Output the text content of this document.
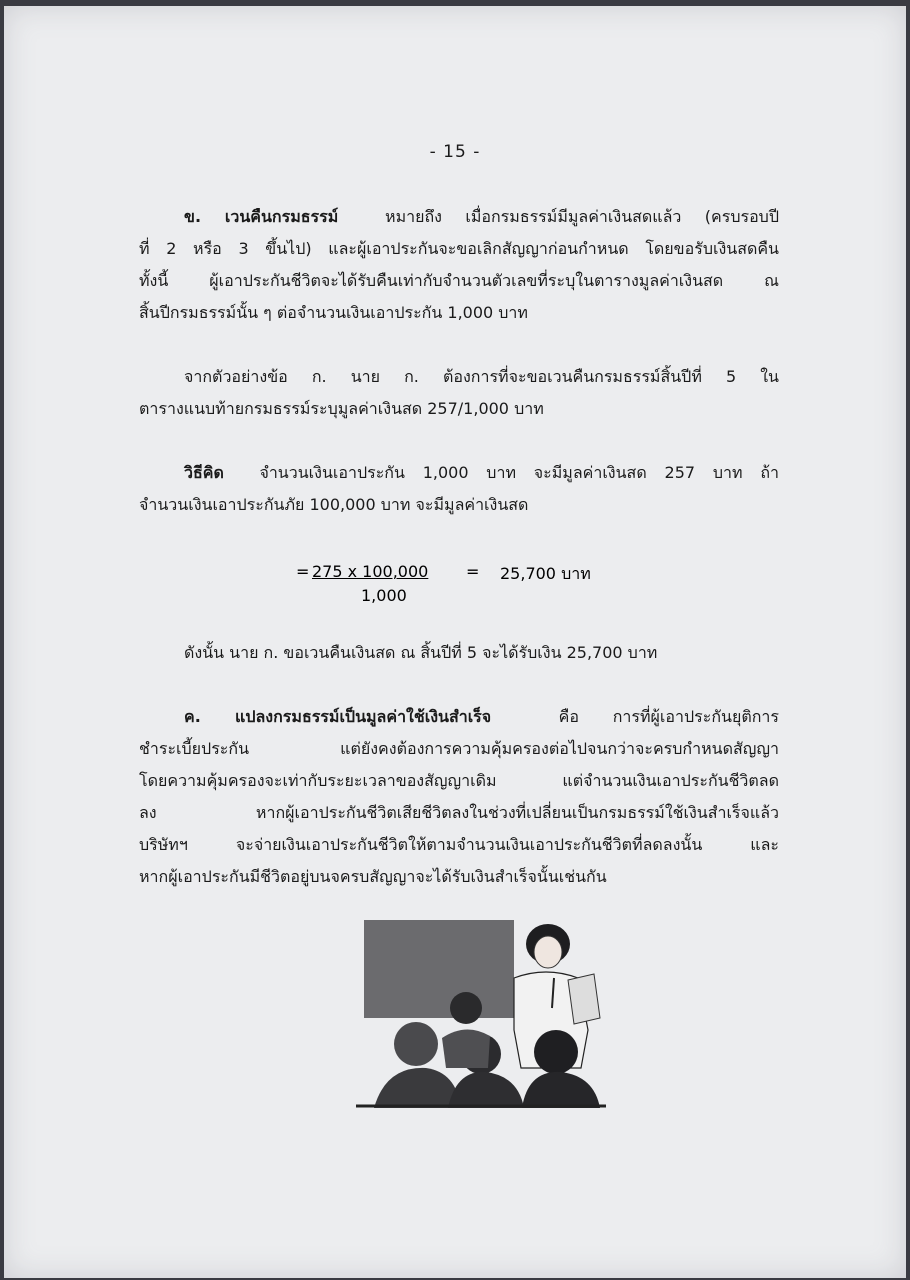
- 15 -
ข. เวนคืนกรมธรรม์	หมายถึง เมื่อกรมธรรม์มีมูลค่าเงินสดแล้ว (ครบรอบปี
ที่ 2 หรือ 3 ขึ้นไป) และผู้เอาประกันจะขอเลิกสัญญาก่อนกำหนด โดยขอรับเงินสดคืน
ทั้งนี้ ผู้เอาประกันชีวิตจะได้รับคืนเท่ากับจำนวนตัวเลขที่ระบุในตารางมูลค่าเงินสด ณ
สิ้นปีกรมธรรม์นั้น ๆ ต่อจำนวนเงินเอาประกัน 1,000 บาท
จากตัวอย่างข้อ ก. นาย ก. ต้องการที่จะขอเวนคืนกรมธรรม์สิ้นปีที่ 5 ใน
ตารางแนบท้ายกรมธรรม์ระบุมูลค่าเงินสด 257/1,000 บาท
วิธีคิด จำนวนเงินเอาประกัน 1,000 บาท จะมีมูลค่าเงินสด 257 บาท ถ้า
จำนวนเงินเอาประกันภัย 100,000 บาท จะมีมูลค่าเงินสด
= 275 x 100,000 = 25,700 บาท
1,000
ดังนั้น นาย ก. ขอเวนคืนเงินสด ณ สิ้นปีที่ 5 จะได้รับเงิน 25,700 บาท
ค. แปลงกรมธรรม์เป็นมูลค่าใช้เงินสำเร็จ	คือ การที่ผู้เอาประกันยุติการ
ชำระเบี้ยประกัน แต่ยังคงต้องการความคุ้มครองต่อไปจนกว่าจะครบกำหนดสัญญา
โดยความคุ้มครองจะเท่ากับระยะเวลาของสัญญาเดิม แต่จำนวนเงินเอาประกันชีวิตลด
ลง หากผู้เอาประกันชีวิตเสียชีวิตลงในช่วงที่เปลี่ยนเป็นกรมธรรม์ใช้เงินสำเร็จแล้ว
บริษัทฯ จะจ่ายเงินเอาประกันชีวิตให้ตามจำนวนเงินเอาประกันชีวิตที่ลดลงนั้น และ
หากผู้เอาประกันมีชีวิตอยู่บนจครบสัญญาจะได้รับเงินสำเร็จนั้นเช่นกัน
